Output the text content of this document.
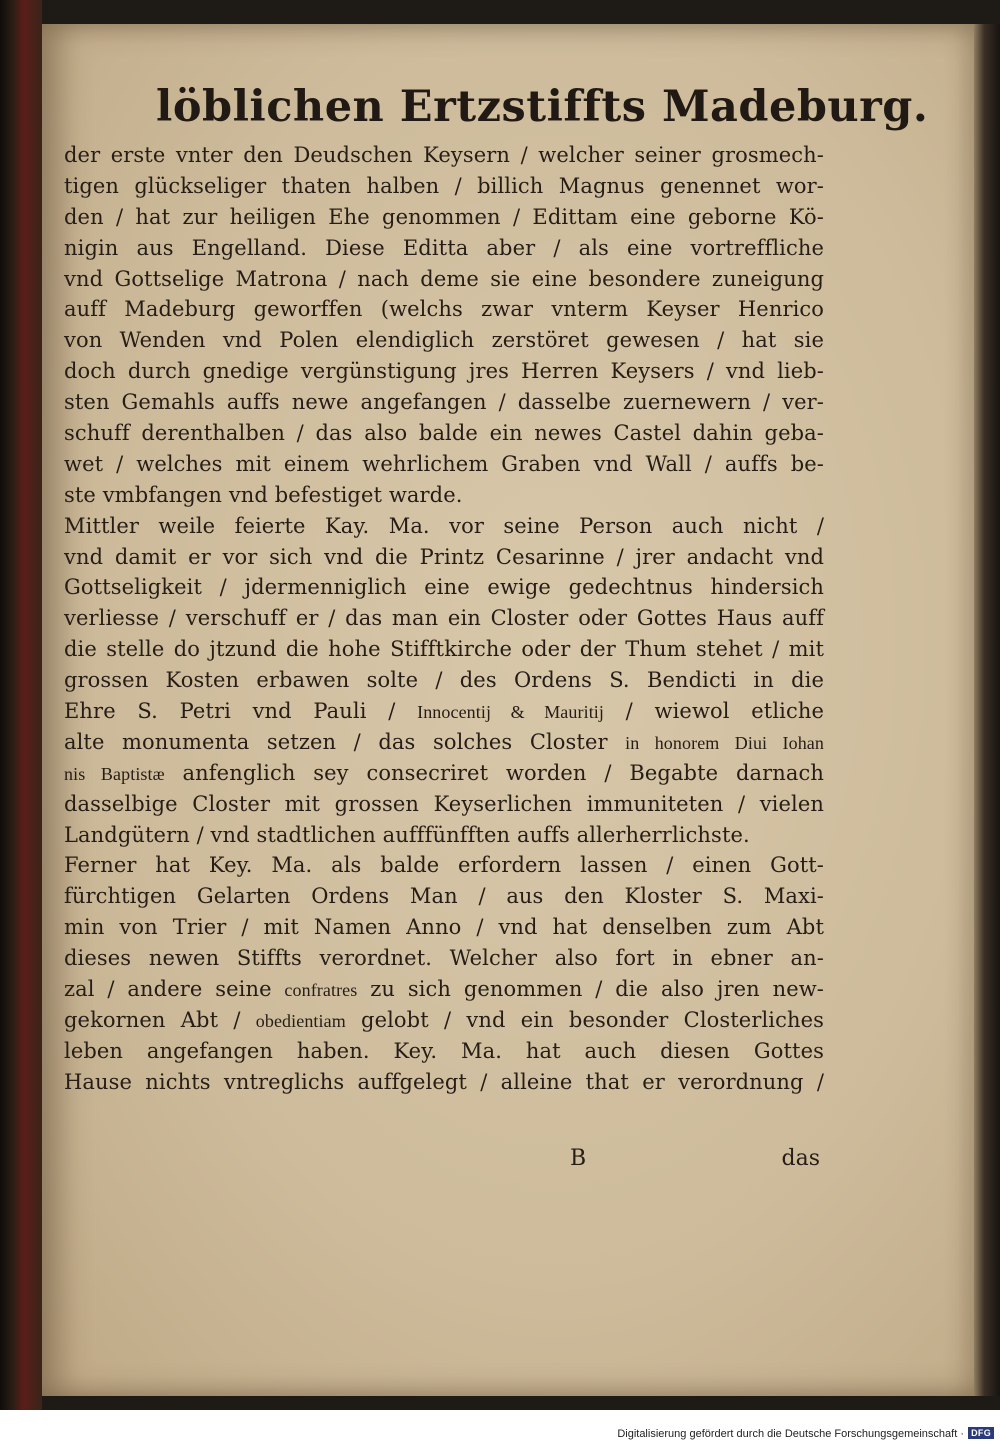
löblichen Ertzstiffts Madeburg.
der erste vnter den Deudschen Keysern / welcher seiner grosmech-
tigen glückseliger thaten halben / billich Magnus genennet wor-
den / hat zur heiligen Ehe genommen / Edittam eine geborne Kö-
nigin aus Engelland. Diese Editta aber / als eine vortreffliche
vnd Gottselige Matrona / nach deme sie eine besondere zuneigung
auff Madeburg geworffen (welchs zwar vnterm Keyser Henrico
von Wenden vnd Polen elendiglich zerstöret gewesen / hat sie
doch durch gnedige vergünstigung jres Herren Keysers / vnd lieb-
sten Gemahls auffs newe angefangen / dasselbe zuernewern / ver-
schuff derenthalben / das also balde ein newes Castel dahin geba-
wet / welches mit einem wehrlichem Graben vnd Wall / auffs be-
ste vmbfangen vnd befestiget warde.
Mittler weile feierte Kay. Ma. vor seine Person auch nicht /
vnd damit er vor sich vnd die Printz Cesarinne / jrer andacht vnd
Gottseligkeit / jdermenniglich eine ewige gedechtnus hindersich
verliesse / verschuff er / das man ein Closter oder Gottes Haus auff
die stelle do jtzund die hohe Stifftkirche oder der Thum stehet / mit
grossen Kosten erbawen solte / des Ordens S. Bendicti in die
Ehre S. Petri vnd Pauli / Innocentij & Mauritij / wiewol etliche
alte monumenta setzen / das solches Closter in honorem Diui Iohan
nis Baptistæ anfenglich sey consecriret worden / Begabte darnach
dasselbige Closter mit grossen Keyserlichen immuniteten / vielen
Landgütern / vnd stadtlichen aufffünfften auffs allerherrlichste.
Ferner hat Key. Ma. als balde erfordern lassen / einen Gott-
fürchtigen Gelarten Ordens Man / aus den Kloster S. Maxi-
min von Trier / mit Namen Anno / vnd hat denselben zum Abt
dieses newen Stiffts verordnet. Welcher also fort in ebner an-
zal / andere seine confratres zu sich genommen / die also jren new-
gekornen Abt / obedientiam gelobt / vnd ein besonder Closterliches
leben angefangen haben. Key. Ma. hat auch diesen Gottes
Hause nichts vntreglichs auffgelegt / alleine that er verordnung /
B	das
Digitalisierung gefördert durch die Deutsche Forschungsgemeinschaft · DFG
